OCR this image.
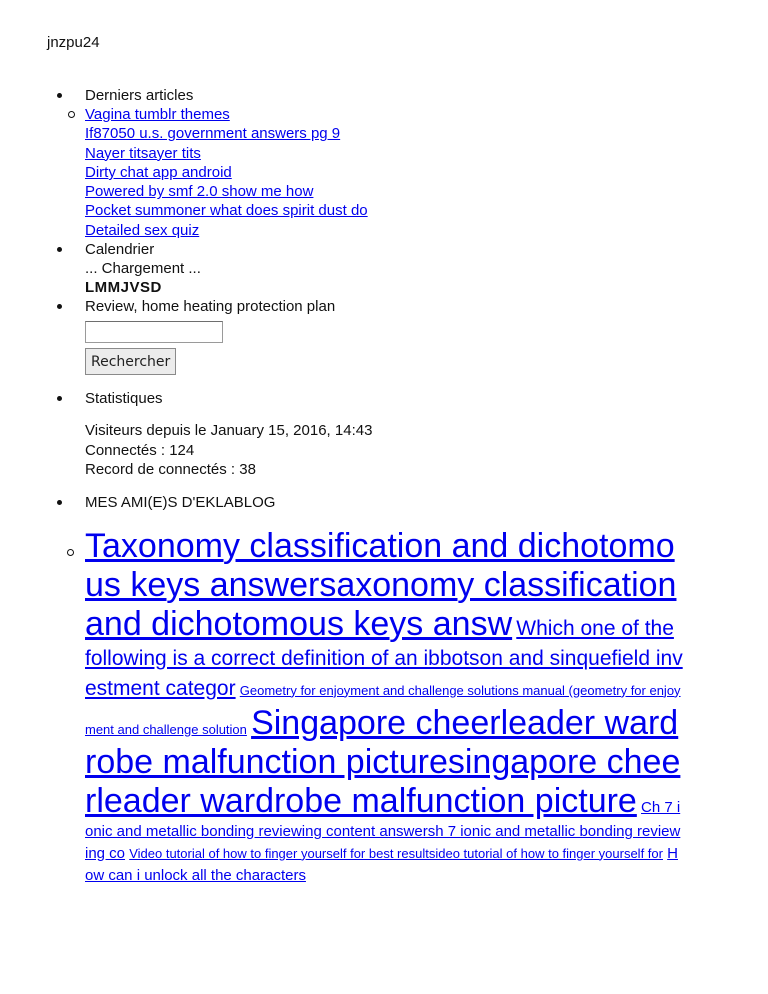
jnzpu24
Derniers articles
Vagina tumblr themes
If87050 u.s. government answers pg 9
Nayer titsayer tits
Dirty chat app android
Powered by smf 2.0 show me how
Pocket summoner what does spirit dust do
Detailed sex quiz
Calendrier
... Chargement ...
LMMJVSD
Review, home heating protection plan
Rechercher
Statistiques
Visiteurs depuis le January 15, 2016, 14:43
Connectés : 124
Record de connectés : 38
MES AMI(E)S D'EKLABLOG
Taxonomy classification and dichotomous keys answersaxonomy classification and dichotomous keys answ Which one of the following is a correct definition of an ibbotson and sinquefield investment categor Geometry for enjoyment and challenge solutions manual (geometry for enjoyment and challenge solution Singapore cheerleader wardrobe malfunction picturesingapore cheerleader wardrobe malfunction picture Ch 7 ionic and metallic bonding reviewing content answersh 7 ionic and metallic bonding reviewing co Video tutorial of how to finger yourself for best resultsideo tutorial of how to finger yourself for How can i unlock all the characters
